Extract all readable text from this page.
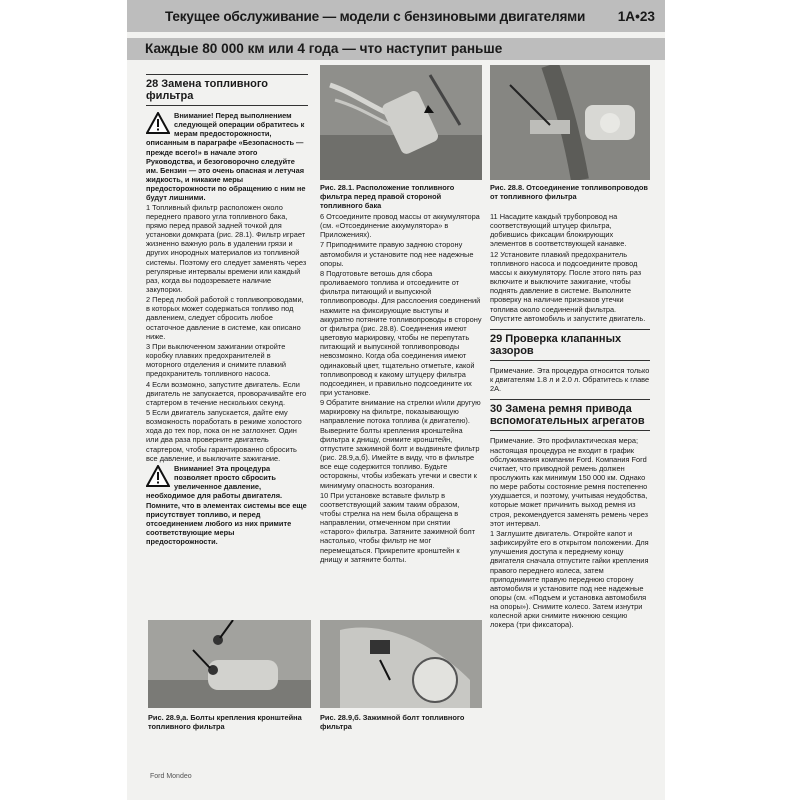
Текущее обслуживание — модели с бензиновыми двигателями 1A•23
Каждые 80 000 км или 4 года — что наступит раньше
Рис. 28.1. Расположение топливного фильтра перед правой стороной топливного бака
Рис. 28.8. Отсоединение топливопроводов от топливного фильтра
Рис. 28.9,а. Болты крепления кронштейна топливного фильтра
Рис. 28.9,б. Зажимной болт топливного фильтра
28 Замена топливного фильтра
Внимание! Перед выполнением следующей операции обратитесь к мерам предосторожности, описанным в параграфе «Безопасность — прежде всего!» в начале этого Руководства, и безоговорочно следуйте им. Бензин — это очень опасная и летучая жидкость, и никакие меры предосторожности по обращению с ним не будут лишними.

1 Топливный фильтр расположен около переднего правого угла топливного бака, прямо перед правой задней точкой для установки домкрата (рис. 28.1). Фильтр играет жизненно важную роль в удалении грязи и других инородных материалов из топливной системы. Поэтому его следует заменять через регулярные интервалы времени или каждый раз, когда вы подозреваете наличие закупорки.

2 Перед любой работой с топливопроводами, в которых может содержаться топливо под давлением, следует сбросить любое остаточное давление в системе, как описано ниже.

3 При выключенном зажигании откройте коробку плавких предохранителей в моторного отделения и снимите плавкий предохранитель топливного насоса.

4 Если возможно, запустите двигатель. Если двигатель не запускается, проворачивайте его стартером в течение нескольких секунд.

5 Если двигатель запускается, дайте ему возможность поработать в режиме холостого хода до тех пор, пока он не заглохнет. Один или два раза проверните двигатель стартером, чтобы гарантированно сбросить все давление, и выключите зажигание.

Внимание! Эта процедура позволяет просто сбросить увеличенное давление, необходимое для работы двигателя. Помните, что в элементах системы все еще присутствует топливо, и перед отсоединением любого из них примите соответствующие меры предосторожности.

6 Отсоедините провод массы от аккумулятора (см. «Отсоединение аккумулятора» в Приложениях).

7 Приподнимите правую заднюю сторону автомобиля и установите под нее надежные опоры.

8 Подготовьте ветошь для сбора проливаемого топлива и отсоедините от фильтра питающий и выпускной топливопроводы. Для расслоения соединений нажмите на фиксирующие выступы и аккуратно потяните топливопроводы в сторону от фильтра (рис. 28.8). Соединения имеют цветовую маркировку, чтобы не перепутать питающий и выпускной топливопроводы невозможно. Когда оба соединения имеют одинаковый цвет, тщательно отметьте, какой топливопровод к какому штуцеру фильтра подсоединен, и правильно подсоедините их при установке.

9 Обратите внимание на стрелки и/или другую маркировку на фильтре, показывающую направление потока топлива (к двигателю). Выверните болты крепления кронштейна фильтра к днищу, снимите кронштейн, отпустите зажимной болт и выдвиньте фильтр (рис. 28.9,а,б). Имейте в виду, что в фильтре все еще содержится топливо. Будьте осторожны, чтобы избежать утечки и свести к минимуму опасность возгорания.

10 При установке вставьте фильтр в соответствующий зажим таким образом, чтобы стрелка на нем была обращена в направлении, отмеченном при снятии «старого» фильтра. Затяните зажимной болт настолько, чтобы фильтр не мог перемещаться. Прикрепите кронштейн к днищу и затяните болты.

11 Насадите каждый трубопровод на соответствующий штуцер фильтра, добившись фиксации блокирующих элементов в соответствующей канавке.

12 Установите плавкий предохранитель топливного насоса и подсоедините провод массы к аккумулятору. После этого пять раз включите и выключите зажигание, чтобы поднять давление в системе. Выполните проверку на наличие признаков утечки топлива около соединений фильтра. Опустите автомобиль и запустите двигатель.

29 Проверка клапанных зазоров

Примечание. Эта процедура относится только к двигателям 1.8 л и 2.0 л. Обратитесь к главе 2А.

30 Замена ремня привода вспомогательных агрегатов

Примечание. Это профилактическая мера; настоящая процедура не входит в график обслуживания компании Ford. Компания Ford считает, что приводной ремень должен прослужить как минимум 150 000 км. Однако по мере работы состояние ремня постепенно ухудшается, и поэтому, учитывая неудобства, которые может причинить выход ремня из строя, рекомендуется заменять ремень через этот интервал.

1 Заглушите двигатель. Откройте капот и зафиксируйте его в открытом положении. Для улучшения доступа к переднему концу двигателя сначала отпустите гайки крепления правого переднего колеса, затем приподнимите правую переднюю сторону автомобиля и установите под нее надежные опоры (см. «Подъем и установка автомобиля на опоры»). Снимите колесо. Затем изнутри колесной арки снимите нижнюю секцию локера (три фиксатора).

Ford Mondeo
